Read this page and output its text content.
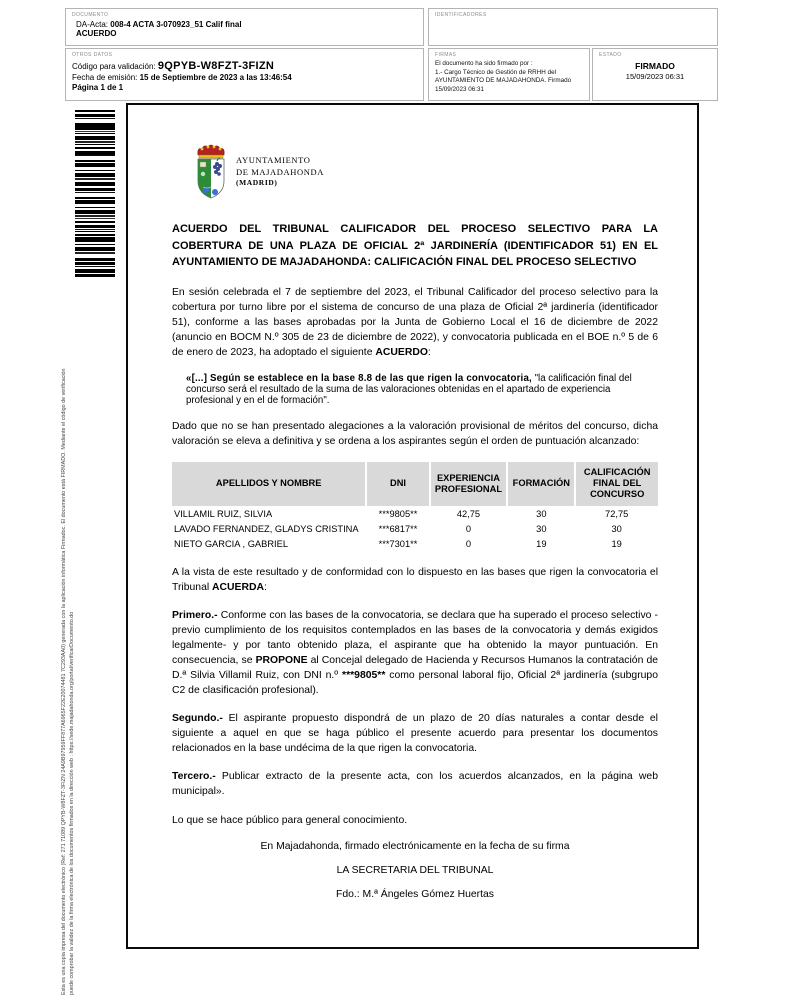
DOCUMENTO
DA-Acta: 008-4 ACTA 3-070923_51 Calif final
ACUERDO
IDENTIFICADORES
OTROS DATOS
Código para validación: 9QPYB-W8FZT-3FIZN
Fecha de emisión: 15 de Septiembre de 2023 a las 13:46:54
Página 1 de 1
FIRMAS
El documento ha sido firmado por :
1.- Cargo Técnico de Gestión de RRHH del AYUNTAMIENTO DE MAJADAHONDA. Firmado 15/09/2023 06:31
ESTADO
FIRMADO
15/09/2023 06:31
Esta es una copia impresa del documento electrónico (Ref: 271 71089 QPYB-W8FZT-3FIZN 24A9B97959FF877A6965F22E20074481 7C293AA0) generada con la aplicación informática Firmadoc. El documento está FIRMADO. Mediante el código de verificación puede comprobar la validez de la firma electrónica de los documentos firmados en la dirección web : https://sede.majadahonda.org/portal/verificarDocumento.do
AYUNTAMIENTO
DE MAJADAHONDA
(MADRID)
ACUERDO DEL TRIBUNAL CALIFICADOR DEL PROCESO SELECTIVO PARA LA COBERTURA DE UNA PLAZA DE OFICIAL 2ª JARDINERÍA (IDENTIFICADOR 51) EN EL AYUNTAMIENTO DE MAJADAHONDA: CALIFICACIÓN FINAL DEL PROCESO SELECTIVO
En sesión celebrada el 7 de septiembre del 2023, el Tribunal Calificador del proceso selectivo para la cobertura por turno libre por el sistema de concurso de una plaza de Oficial 2ª jardinería (identificador 51), conforme a las bases aprobadas por la Junta de Gobierno Local el 16 de diciembre de 2022 (anuncio en BOCM N.º 305 de 23 de diciembre de 2022), y convocatoria publicada en el BOE n.º 5 de 6 de enero de 2023, ha adoptado el siguiente ACUERDO:
«[...] Según se establece en la base 8.8 de las que rigen la convocatoria, "la calificación final del concurso será el resultado de la suma de las valoraciones obtenidas en el apartado de experiencia profesional y en el de formación".
Dado que no se han presentado alegaciones a la valoración provisional de méritos del concurso, dicha valoración se eleva a definitiva y se ordena a los aspirantes según el orden de puntuación alcanzado:
APELLIDOS Y NOMBRE	DNI	EXPERIENCIA PROFESIONAL	FORMACIÓN	CALIFICACIÓN FINAL DEL CONCURSO
VILLAMIL RUIZ, SILVIA	***9805**	42,75	30	72,75
LAVADO FERNANDEZ, GLADYS CRISTINA	***6817**	0	30	30
NIETO GARCIA , GABRIEL	***7301**	0	19	19
A la vista de este resultado y de conformidad con lo dispuesto en las bases que rigen la convocatoria el Tribunal ACUERDA:
Primero.- Conforme con las bases de la convocatoria, se declara que ha superado el proceso selectivo - previo cumplimiento de los requisitos contemplados en las bases de la convocatoria y demás exigidos legalmente- y por tanto obtenido plaza, el aspirante que ha obtenido la mayor puntuación. En consecuencia, se PROPONE al Concejal delegado de Hacienda y Recursos Humanos la contratación de D.ª Silvia Villamil Ruiz, con DNI n.º ***9805** como personal laboral fijo, Oficial 2ª jardinería (subgrupo C2 de clasificación profesional).
Segundo.- El aspirante propuesto dispondrá de un plazo de 20 días naturales a contar desde el siguiente a aquel en que se haga público el presente acuerdo para presentar los documentos relacionados en la base undécima de la que rigen la convocatoria.
Tercero.- Publicar extracto de la presente acta, con los acuerdos alcanzados, en la página web municipal».
Lo que se hace público para general conocimiento.
En Majadahonda, firmado electrónicamente en la fecha de su firma
LA SECRETARIA DEL TRIBUNAL
Fdo.: M.ª Ángeles Gómez Huertas
